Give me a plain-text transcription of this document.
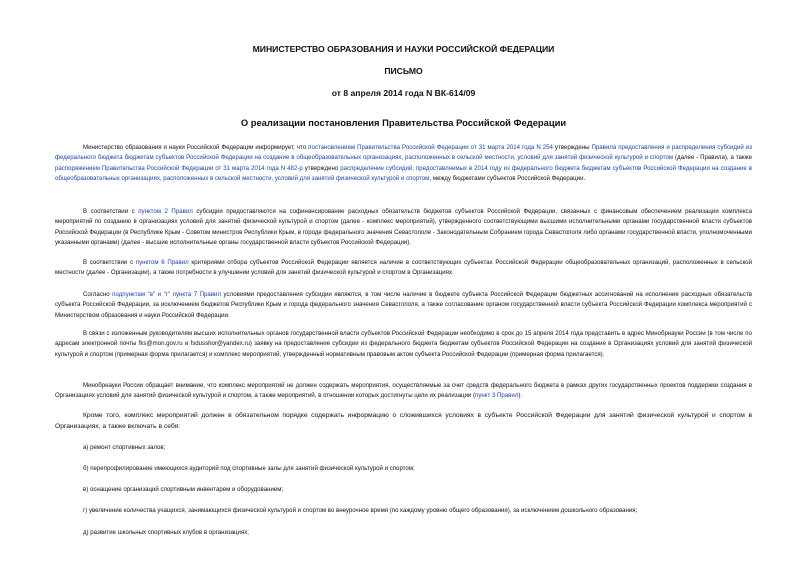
МИНИСТЕРСТВО ОБРАЗОВАНИЯ И НАУКИ РОССИЙСКОЙ ФЕДЕРАЦИИ
ПИСЬМО
от 8 апреля 2014 года N ВК-614/09
О реализации постановления Правительства Российской Федерации

Министерство образования и науки Российской Федерации информирует, что постановлением Правительства Российской Федерации от 31 марта 2014 года N 254 утверждены Правила предоставления и распределения субсидий из федерального бюджета бюджетам субъектов Российской Федерации на создание в общеобразовательных организациях, расположенных в сельской местности, условий для занятий физической культурой и спортом (далее - Правила), а также распоряжением Правительства Российской Федерации от 31 марта 2014 года N 482-р утверждено распределение субсидий, предоставляемых в 2014 году из федерального бюджета бюджетам субъектов Российской Федерации на создание в общеобразовательных организациях, расположенных в сельской местности, условий для занятий физической культурой и спортом, между бюджетами субъектов Российской Федерации.

В соответствии с пунктом 2 Правил субсидии предоставляются на софинансирование расходных обязательств бюджетов субъектов Российской Федерации, связанных с финансовым обеспечением реализации комплекса мероприятий по созданию в организациях условий для занятий физической культурой и спортом (далее - комплекс мероприятий), утвержденного соответствующими высшими исполнительными органами государственной власти субъектов Российской Федерации (в Республике Крым - Советом министров Республики Крым, в городе федерального значения Севастополе - Законодательным Собранием города Севастополя либо органами государственной власти, уполномоченными указанными органами) (далее - высшие исполнительные органы государственной власти субъектов Российской Федерации).

В соответствии с пунктом 6 Правил критериями отбора субъектов Российской Федерации является наличие в соответствующих субъектах Российской Федерации общеобразовательных организаций, расположенных в сельской местности (далее - Организации), а также потребности в улучшении условий для занятий физической культурой и спортом в Организациях.

Согласно подпунктам "в" и "г" пункта 7 Правил условиями предоставления субсидии являются, в том числе наличие в бюджете субъекта Российской Федерации бюджетных ассигнований на исполнение расходных обязательств субъекта Российской Федерации, за исключением бюджетов Республики Крым и города федерального значения Севастополя, а также согласование органом государственной власти субъекта Российской Федерации комплекса мероприятий с Министерством образования и науки Российской Федерации.

В связи с изложенным руководителям высших исполнительных органов государственной власти субъектов Российской Федерации необходимо в срок до 15 апреля 2014 года представить в адрес Минобрнауки России (в том числе по адресам электронной почты fks@mon.gov.ru и fsdusshor@yandex.ru) заявку на предоставление субсидии из федерального бюджета бюджетам субъектов Российской Федерации на создание в Организациях условий для занятий физической культурой и спортом (примерная форма прилагается) и комплекс мероприятий, утвержденный нормативным правовым актом субъекта Российской Федерации (примерная форма прилагается).

Минобрнауки России обращает внимание, что комплекс мероприятий не должен содержать мероприятия, осуществляемые за счет средств федерального бюджета в рамках других государственных проектов поддержки создания в Организациях условий для занятий физической культурой и спортом, а также мероприятий, в отношении которых достигнуты цели их реализации (пункт 3 Правил).

Кроме того, комплекс мероприятий должен в обязательном порядке содержать информацию о сложившихся условиях в субъекте Российской Федерации для занятий физической культурой и спортом в Организациях, а также включать в себя:

а) ремонт спортивных залов;

б) перепрофилирование имеющихся аудиторий под спортивные залы для занятий физической культурой и спортом;

в) оснащение организаций спортивным инвентарем и оборудованием;

г) увеличение количества учащихся, занимающихся физической культурой и спортом во внеурочное время (по каждому уровню общего образования), за исключением дошкольного образования;

д) развитие школьных спортивных клубов в организациях;
